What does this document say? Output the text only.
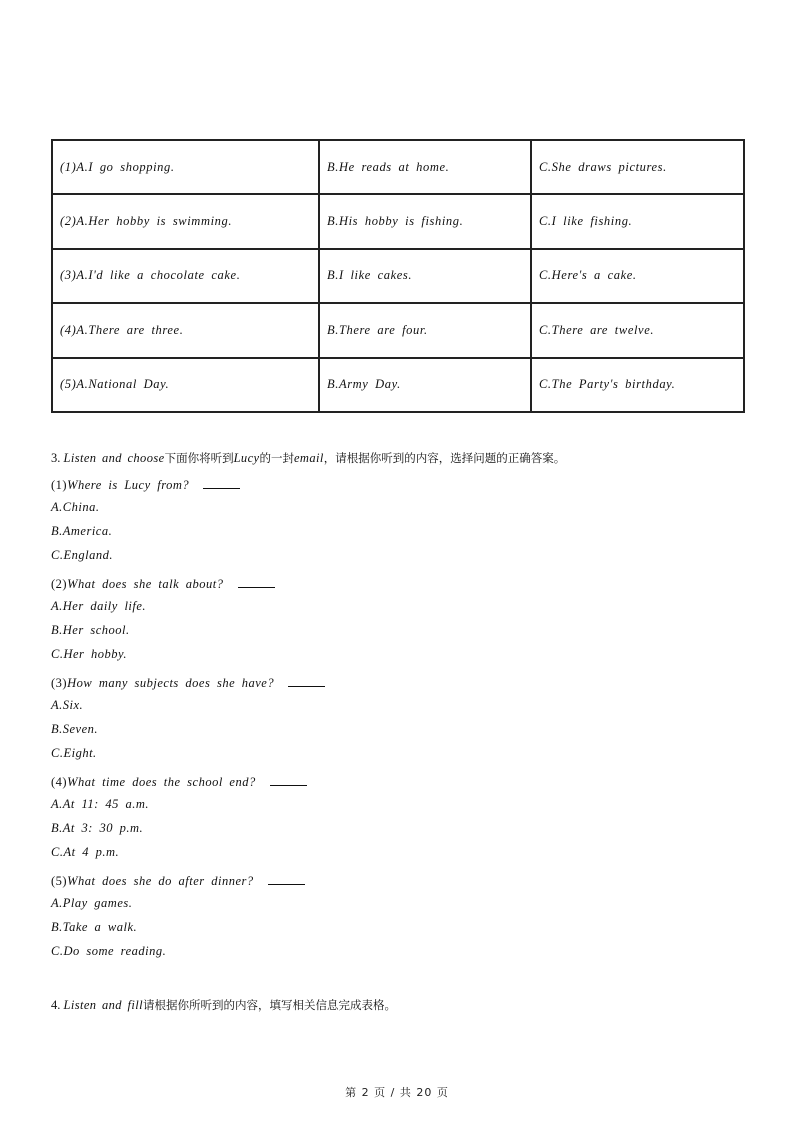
(1)A.I go shopping.	B.He reads at home.	C.She draws pictures.
(2)A.Her hobby is swimming.	B.His hobby is fishing.	C.I like fishing.
(3)A.I'd like a chocolate cake.	B.I like cakes.	C.Here's a cake.
(4)A.There are three.	B.There are four.	C.There are twelve.
(5)A.National Day.	B.Army Day.	C.The Party's birthday.
3. Listen and choose下面你将听到Lucy的一封email，请根据你听到的内容，选择问题的正确答案。
(1)Where is Lucy from?
A.China.
B.America.
C.England.
(2)What does she talk about?
A.Her daily life.
B.Her school.
C.Her hobby.
(3)How many subjects does she have?
A.Six.
B.Seven.
C.Eight.
(4)What time does the school end?
A.At 11: 45 a.m.
B.At 3: 30 p.m.
C.At 4 p.m.
(5)What does she do after dinner?
A.Play games.
B.Take a walk.
C.Do some reading.
4. Listen and fill请根据你所听到的内容，填写相关信息完成表格。
第 2 页 / 共 20 页
